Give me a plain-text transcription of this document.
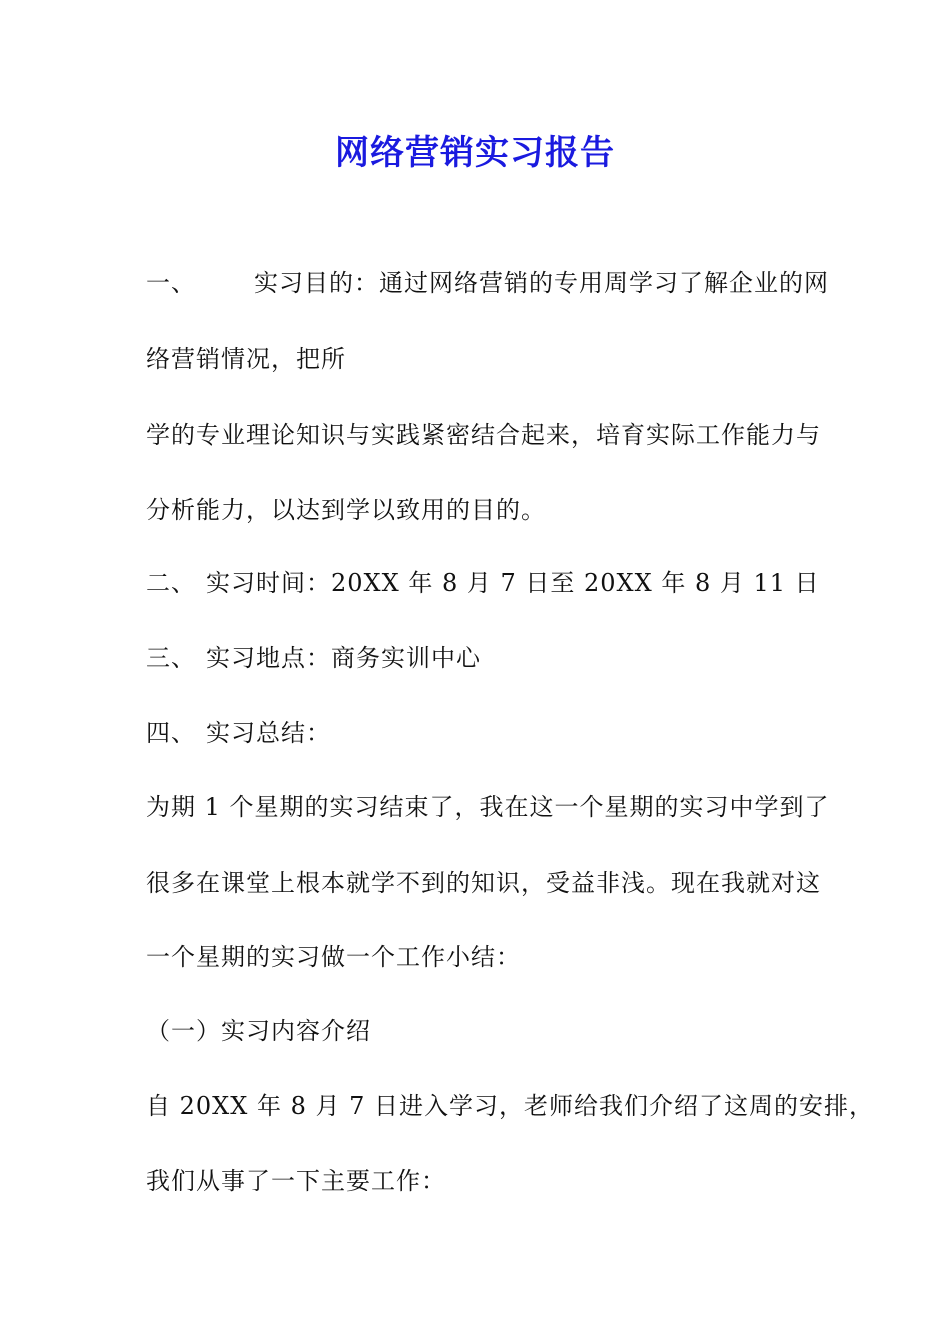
网络营销实习报告
一、 实习目的：通过网络营销的专用周学习了解企业的网
络营销情况，把所
学的专业理论知识与实践紧密结合起来，培育实际工作能力与
分析能力，以达到学以致用的目的。
二、 实习时间：20XX 年 8 月 7 日至 20XX 年 8 月 11 日
三、 实习地点：商务实训中心
四、 实习总结：
为期 1 个星期的实习结束了，我在这一个星期的实习中学到了
很多在课堂上根本就学不到的知识，受益非浅。现在我就对这
一个星期的实习做一个工作小结：
（一）实习内容介绍
自 20XX 年 8 月 7 日进入学习，老师给我们介绍了这周的安排，
我们从事了一下主要工作：
